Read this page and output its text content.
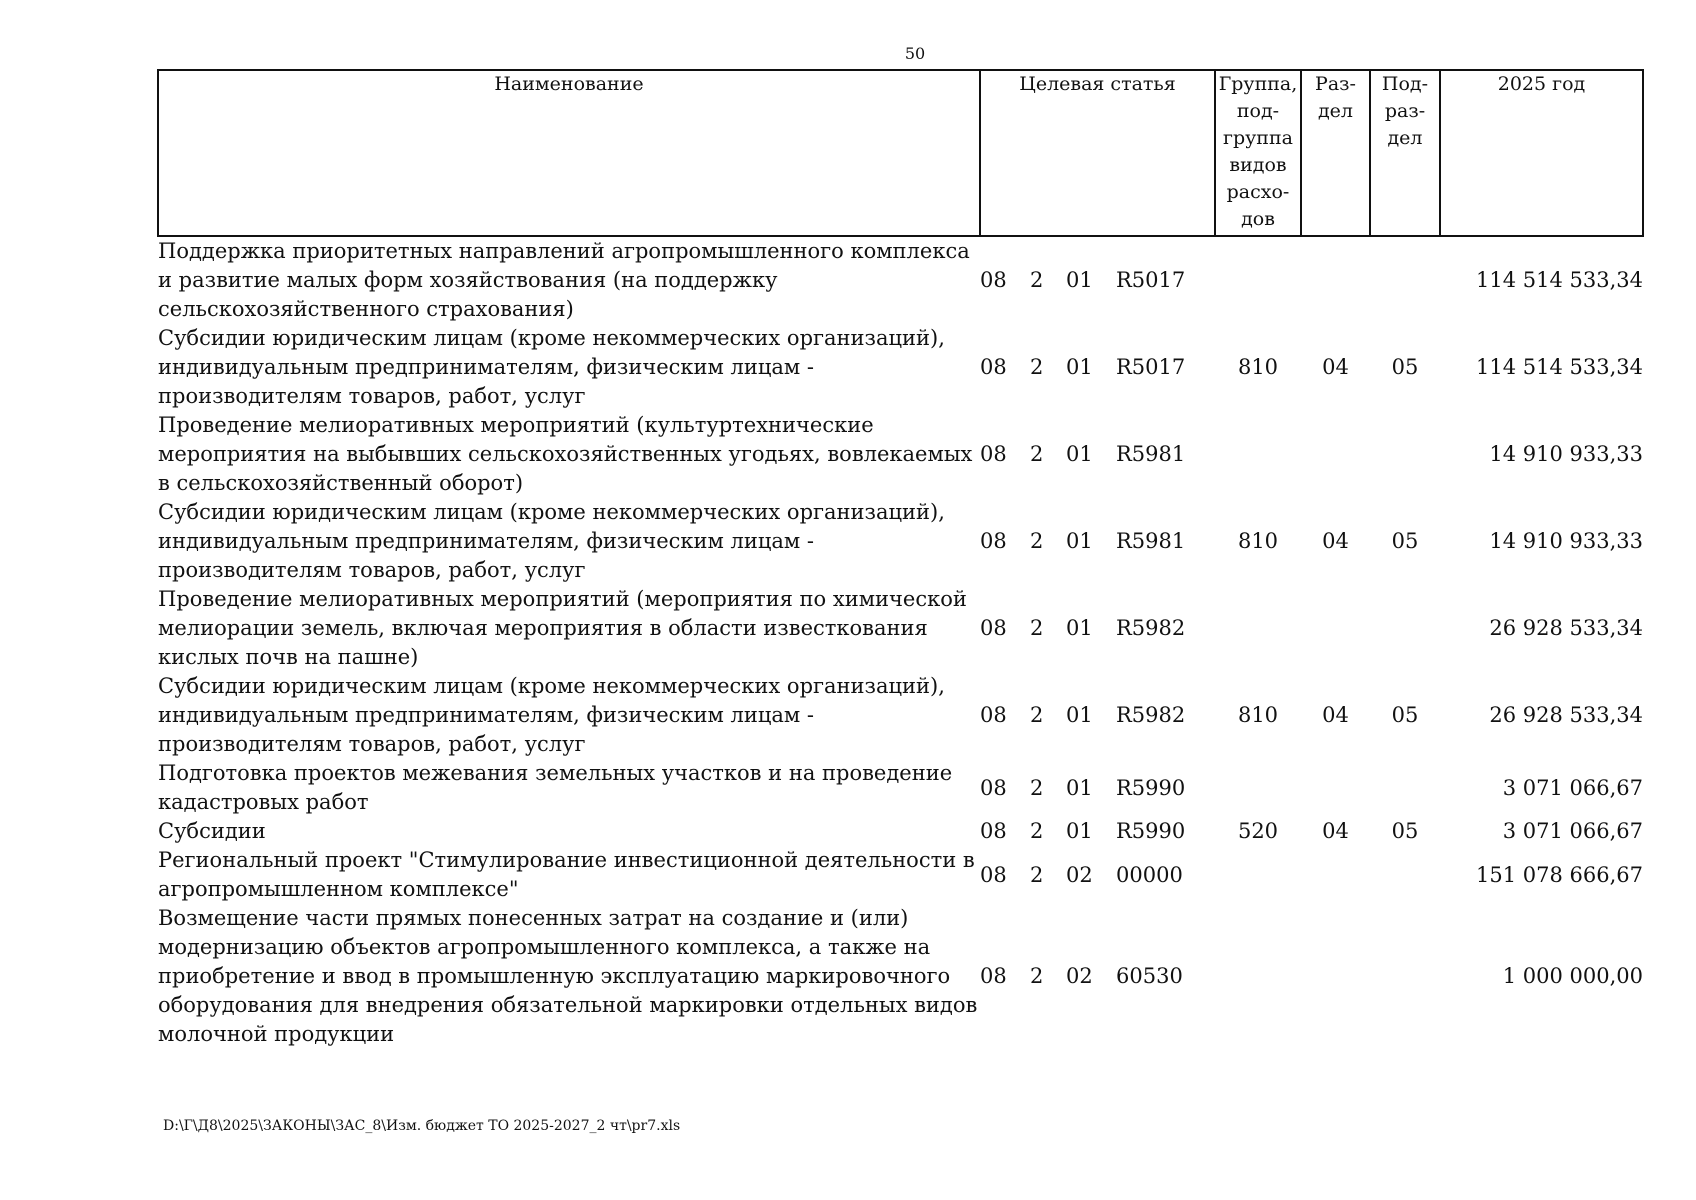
50
Наименование	Целевая статья	Группа, под-группа видов расхо-дов	Раз-дел	Под-раз-дел	2025 год
Поддержка приоритетных направлений агропромышленного комплекса и развитие малых форм хозяйствования (на поддержку сельскохозяйственного страхования)	08 2 01 R5017				114 514 533,34
Субсидии юридическим лицам (кроме некоммерческих организаций), индивидуальным предпринимателям, физическим лицам - производителям товаров, работ, услуг	08 2 01 R5017	810	04	05	114 514 533,34
Проведение мелиоративных мероприятий (культуртехнические мероприятия на выбывших сельскохозяйственных угодьях, вовлекаемых в сельскохозяйственный оборот)	08 2 01 R5981				14 910 933,33
Субсидии юридическим лицам (кроме некоммерческих организаций), индивидуальным предпринимателям, физическим лицам - производителям товаров, работ, услуг	08 2 01 R5981	810	04	05	14 910 933,33
Проведение мелиоративных мероприятий (мероприятия по химической мелиорации земель, включая мероприятия в области известкования кислых почв на пашне)	08 2 01 R5982				26 928 533,34
Субсидии юридическим лицам (кроме некоммерческих организаций), индивидуальным предпринимателям, физическим лицам - производителям товаров, работ, услуг	08 2 01 R5982	810	04	05	26 928 533,34
Подготовка проектов межевания земельных участков и на проведение кадастровых работ	08 2 01 R5990				3 071 066,67
Субсидии	08 2 01 R5990	520	04	05	3 071 066,67
Региональный проект "Стимулирование инвестиционной деятельности в агропромышленном комплексе"	08 2 02 00000				151 078 666,67
Возмещение части прямых понесенных затрат на создание и (или) модернизацию объектов агропромышленного комплекса, а также на приобретение и ввод в промышленную эксплуатацию маркировочного оборудования для внедрения обязательной маркировки отдельных видов молочной продукции	08 2 02 60530				1 000 000,00
D:\Г\Д8\2025\ЗАКОНЫ\ЗАС_8\Изм. бюджет ТО 2025-2027_2 чт\pr7.xls
